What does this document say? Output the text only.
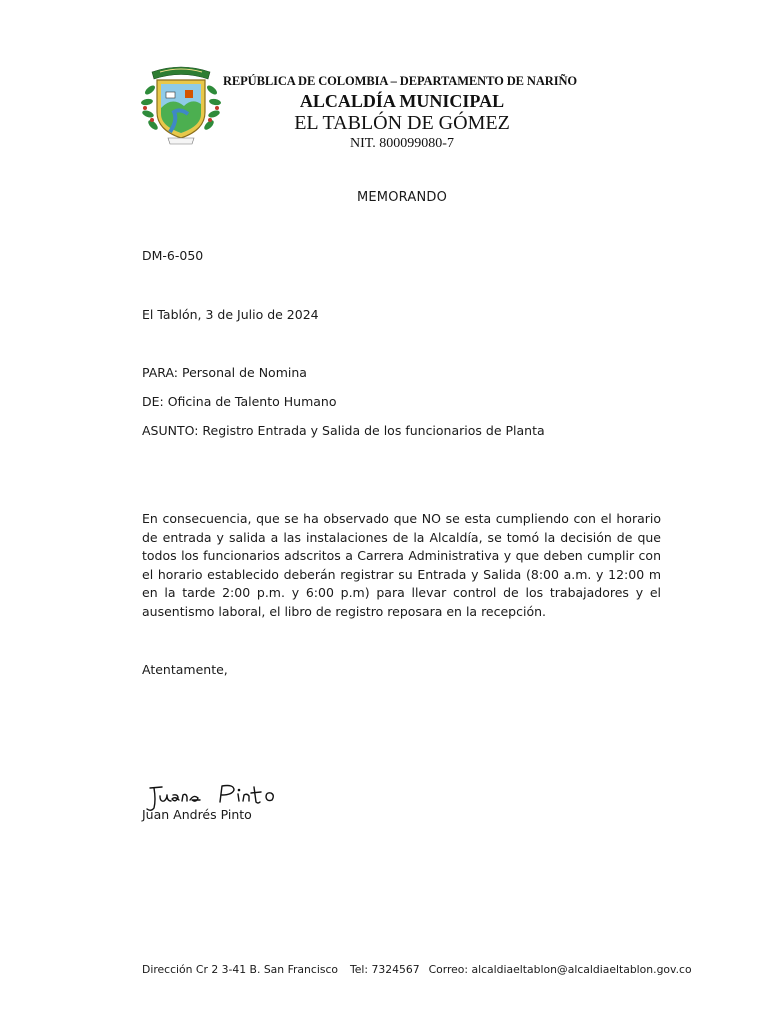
REPÚBLICA DE COLOMBIA – DEPARTAMENTO DE NARIÑO
ALCALDÍA MUNICIPAL
EL TABLÓN DE GÓMEZ
NIT. 800099080-7
MEMORANDO
DM-6-050
El Tablón, 3 de Julio de 2024
PARA: Personal de Nomina
DE: Oficina de Talento Humano
ASUNTO: Registro Entrada y Salida de los funcionarios de Planta
En consecuencia, que se ha observado que NO se esta cumpliendo con el horario de entrada y salida a las instalaciones de la Alcaldía, se tomó la decisión de que todos los funcionarios adscritos a Carrera Administrativa y que deben cumplir con el horario establecido deberán registrar su Entrada y Salida (8:00 a.m. y 12:00 m en la tarde 2:00 p.m. y 6:00 p.m) para llevar control de los trabajadores y el ausentismo laboral, el libro de registro reposara en la recepción.
Atentamente,
Juan Andrés Pinto
Dirección Cr 2 3-41 B. San Francisco Tel: 7324567 Correo: alcaldiaeltablon@alcaldiaeltablon.gov.co
